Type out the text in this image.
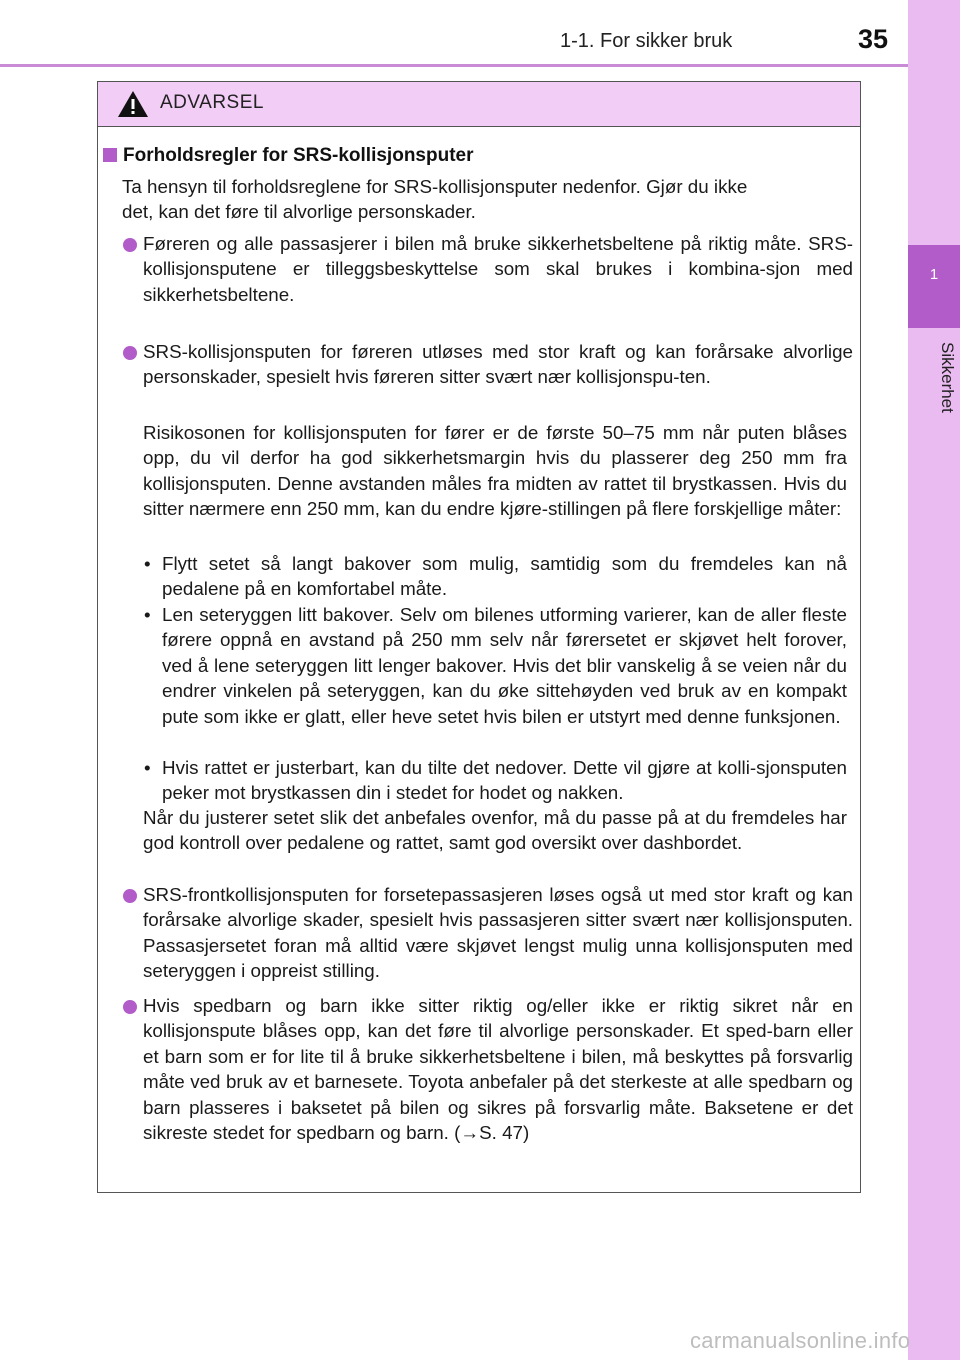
1-1. For sikker bruk	35
1
Sikkerhet
ADVARSEL
Forholdsregler for SRS-kollisjonsputer
Ta hensyn til forholdsreglene for SRS-kollisjonsputer nedenfor. Gjør du ikke det, kan det føre til alvorlige personskader.
Føreren og alle passasjerer i bilen må bruke sikkerhetsbeltene på riktig måte. SRS-kollisjonsputene er tilleggsbeskyttelse som skal brukes i kombina-sjon med sikkerhetsbeltene.
SRS-kollisjonsputen for føreren utløses med stor kraft og kan forårsake alvorlige personskader, spesielt hvis føreren sitter svært nær kollisjonspu-ten.
Risikosonen for kollisjonsputen for fører er de første 50–75 mm når puten blåses opp, du vil derfor ha god sikkerhetsmargin hvis du plasserer deg 250 mm fra kollisjonsputen. Denne avstanden måles fra midten av rattet til brystkassen. Hvis du sitter nærmere enn 250 mm, kan du endre kjøre-stillingen på flere forskjellige måter:
• Flytt setet så langt bakover som mulig, samtidig som du fremdeles kan nå pedalene på en komfortabel måte.
• Len seteryggen litt bakover. Selv om bilenes utforming varierer, kan de aller fleste førere oppnå en avstand på 250 mm selv når førersetet er skjøvet helt forover, ved å lene seteryggen litt lenger bakover. Hvis det blir vanskelig å se veien når du endrer vinkelen på seteryggen, kan du øke sittehøyden ved bruk av en kompakt pute som ikke er glatt, eller heve setet hvis bilen er utstyrt med denne funksjonen.
• Hvis rattet er justerbart, kan du tilte det nedover. Dette vil gjøre at kolli-sjonsputen peker mot brystkassen din i stedet for hodet og nakken.
Når du justerer setet slik det anbefales ovenfor, må du passe på at du fremdeles har god kontroll over pedalene og rattet, samt god oversikt over dashbordet.
SRS-frontkollisjonsputen for forsetepassasjeren løses også ut med stor kraft og kan forårsake alvorlige skader, spesielt hvis passasjeren sitter svært nær kollisjonsputen. Passasjersetet foran må alltid være skjøvet lengst mulig unna kollisjonsputen med seteryggen i oppreist stilling.
Hvis spedbarn og barn ikke sitter riktig og/eller ikke er riktig sikret når en kollisjonspute blåses opp, kan det føre til alvorlige personskader. Et sped-barn eller et barn som er for lite til å bruke sikkerhetsbeltene i bilen, må beskyttes på forsvarlig måte ved bruk av et barnesete. Toyota anbefaler på det sterkeste at alle spedbarn og barn plasseres i baksetet på bilen og sikres på forsvarlig måte. Baksetene er det sikreste stedet for spedbarn og barn. (→S. 47)
carmanualsonline.info
